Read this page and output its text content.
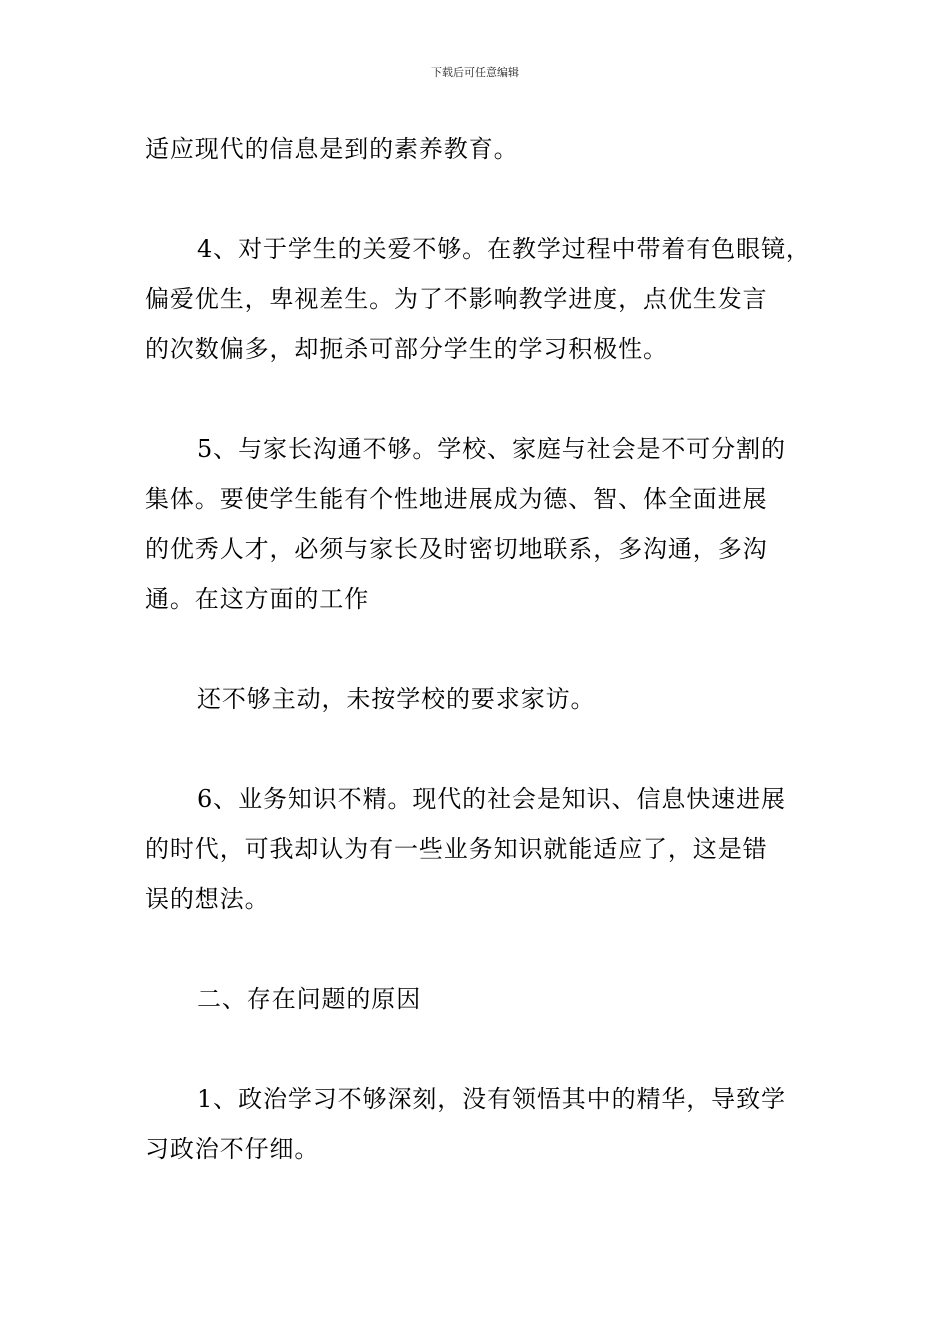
下载后可任意编辑
适应现代的信息是到的素养教育。
4、对于学生的关爱不够。在教学过程中带着有色眼镜，
偏爱优生，卑视差生。为了不影响教学进度，点优生发言
的次数偏多，却扼杀可部分学生的学习积极性。
5、与家长沟通不够。学校、家庭与社会是不可分割的
集体。要使学生能有个性地进展成为德、智、体全面进展
的优秀人才，必须与家长及时密切地联系，多沟通，多沟
通。在这方面的工作
还不够主动，未按学校的要求家访。
6、业务知识不精。现代的社会是知识、信息快速进展
的时代，可我却认为有一些业务知识就能适应了，这是错
误的想法。
二、存在问题的原因
1、政治学习不够深刻，没有领悟其中的精华，导致学
习政治不仔细。
